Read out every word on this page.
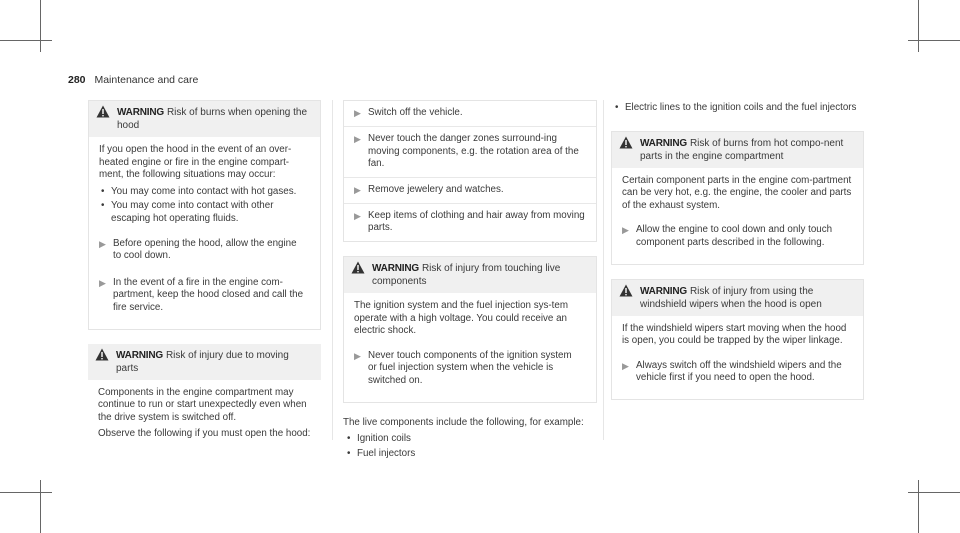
280 Maintenance and care
WARNING Risk of burns when opening the hood

If you open the hood in the event of an over-heated engine or fire in the engine compart-ment, the following situations may occur:

• You may come into contact with hot gases.
• You may come into contact with other escaping hot operating fluids.
▶ Before opening the hood, allow the engine to cool down.
▶ In the event of a fire in the engine com-partment, keep the hood closed and call the fire service.
WARNING Risk of injury due to moving parts

Components in the engine compartment may continue to run or start unexpectedly even when the drive system is switched off.

Observe the following if you must open the hood:

▶ Switch off the vehicle.
▶ Never touch the danger zones surround-ing moving components, e.g. the rotation area of the fan.
▶ Remove jewelery and watches.
▶ Keep items of clothing and hair away from moving parts.
WARNING Risk of injury from touching live components

The ignition system and the fuel injection sys-tem operate with a high voltage. You could receive an electric shock.

▶ Never touch components of the ignition system or fuel injection system when the vehicle is switched on.

The live components include the following, for example:

• Ignition coils
• Fuel injectors
• Electric lines to the ignition coils and the fuel injectors
WARNING Risk of burns from hot compo-nent parts in the engine compartment

Certain component parts in the engine com-partment can be very hot, e.g. the engine, the cooler and parts of the exhaust system.

▶ Allow the engine to cool down and only touch component parts described in the following.
WARNING Risk of injury from using the windshield wipers when the hood is open

If the windshield wipers start moving when the hood is open, you could be trapped by the wiper linkage.

▶ Always switch off the windshield wipers and the vehicle first if you need to open the hood.
